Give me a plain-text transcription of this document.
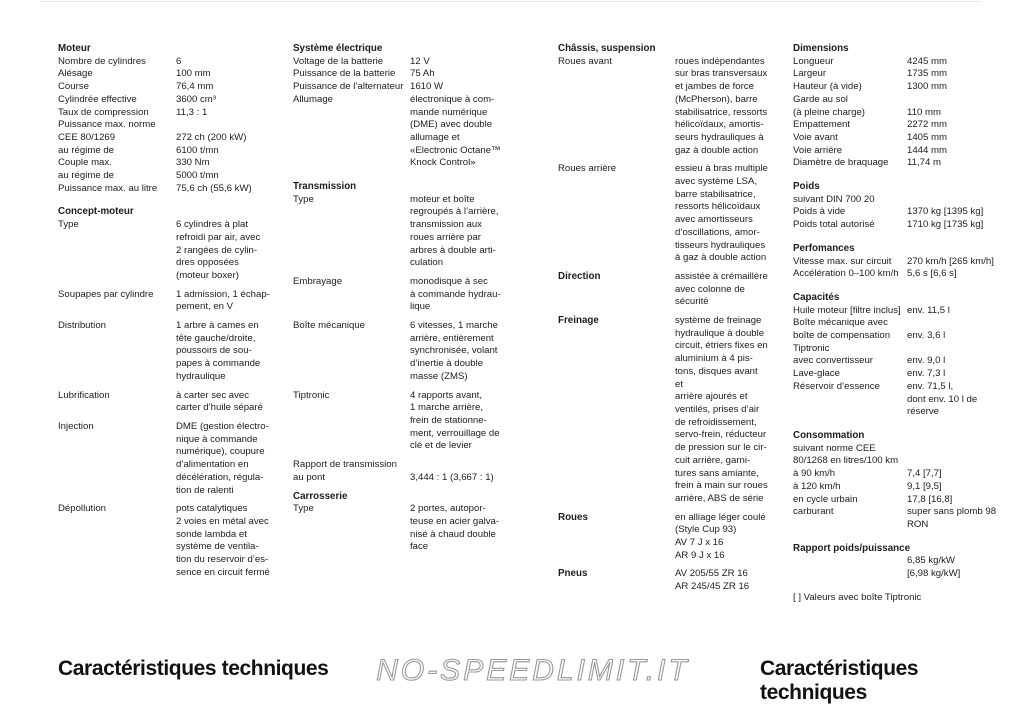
Moteur
Nombre de cylindres	6
Alésage	100 mm
Course	76,4 mm
Cylindrée effective	3600 cm³
Taux de compression	11,3 : 1
Puissance max. norme
CEE 80/1269	272 ch (200 kW)
au régime de	6100 t/mn
Couple max.	330 Nm
au régime de	5000 t/mn
Puissance max. au litre	75,6 ch (55,6 kW)
Concept-moteur
Type	6 cylindres à plat
refroidi par air, avec
2 rangées de cylin-
dres opposées
(moteur boxer)
Soupapes par cylindre	1 admission, 1 échap-
pement, en V
Distribution	1 arbre à cames en
tête gauche/droite,
poussoirs de sou-
papes à commande
hydraulique
Lubrification	à carter sec avec
carter d’huile séparé
Injection	DME (gestion électro-
nique à commande
numérique), coupure
d’alimentation en
décélération, régula-
tion de ralenti
Dépollution	pots catalytiques
2 voies en métal avec
sonde lambda et
système de ventila-
tion du reservoir d’es-
sence en circuit fermé
Système électrique
Voltage de la batterie	12 V
Puissance de la batterie	75 Ah
Puissance de l’alternateur 1610 W
Allumage	électronique à com-
mande numérique
(DME) avec double
allumage et
«Electronic Octane™
Knock Control»
Transmission
Type	moteur et boîte
regroupés à l’arrière,
transmission aux
roues arrière par
arbres à double arti-
culation
Embrayage	monodisque à sec
à commande hydrau-
lique
Boîte mécanique	6 vitesses, 1 marche
arrière, entièrement
synchronisée, volant
d’inertie à double
masse (ZMS)
Tiptronic	4 rapports avant,
1 marche arrière,
frein de stationne-
ment, verrouillage de
clé et de levier
Rapport de transmission
au pont	
3,444 : 1 (3,667 : 1)
Carrosserie
Type	2 portes, autopor-
teuse en acier galva-
nisé à chaud double
face
Châssis, suspension
Roues avant	roues indépendantes
sur bras transversaux
et jambes de force
(McPherson), barre
stabilisatrice, ressorts
hélicoïdaux, amortis-
seurs hydrauliques à
gaz à double action
Roues arrière	essieu à bras multiple
avec système LSA,
barre stabilisatrice,
ressorts hélicoïdaux
avec amortisseurs
d’oscillations, amor-
tisseurs hydrauliques
à gaz à double action
Direction	assistée à crémaillère
avec colonne de
sécurité
Freinage	système de freinage
hydraulique à double
circuit, étriers fixes en
aluminium à 4 pis-
tons, disques avant et
arrière ajourés et
ventilés, prises d’air
de refroidissement,
servo-frein, réducteur
de pression sur le cir-
cuit arrière, garni-
tures sans amiante,
frein à main sur roues
arrière, ABS de série
Roues	en alliage léger coulé
(Style Cup 93)
AV 7 J x 16
AR 9 J x 16
Pneus	AV 205/55 ZR 16
AR 245/45 ZR 16
Dimensions
Longueur	4245 mm
Largeur	1735 mm
Hauteur (à vide)	1300 mm
Garde au sol
(à pleine charge)	110 mm
Empattement	2272 mm
Voie avant	1405 mm
Voie arrière	1444 mm
Diamètre de braquage	11,74 m
Poids
suivant DIN 700 20
Poids à vide	1370 kg [1395 kg]
Poids total autorisé	1710 kg [1735 kg]
Perfomances
Vitesse max. sur circuit	270 km/h [265 km/h]
Accélération 0–100 km/h 5,6 s [6,6 s]
Capacités
Huile moteur [filtre inclus] env. 11,5 l
Boîte mécanique avec
boîte de compensation	env. 3,6 l
Tiptronic
avec convertisseur	env. 9,0 l
Lave-glace	env. 7,3 l
Réservoir d’essence	env. 71,5 l,
dont env. 10 l de
réserve
Consommation
suivant norme CEE
80/1268 en litres/100 km
à 90 km/h	7,4 [7,7]
à 120 km/h	9,1 [9,5]
en cycle urbain	17,8 [16,8]
carburant	super sans plomb 98
RON
Rapport poids/puissance
6,85 kg/kW
[6,98 kg/kW]
[ ] Valeurs avec boîte Tiptronic
Caractéristiques techniques NO-SPEEDLIMIT.IT	Caractéristiques techniques
